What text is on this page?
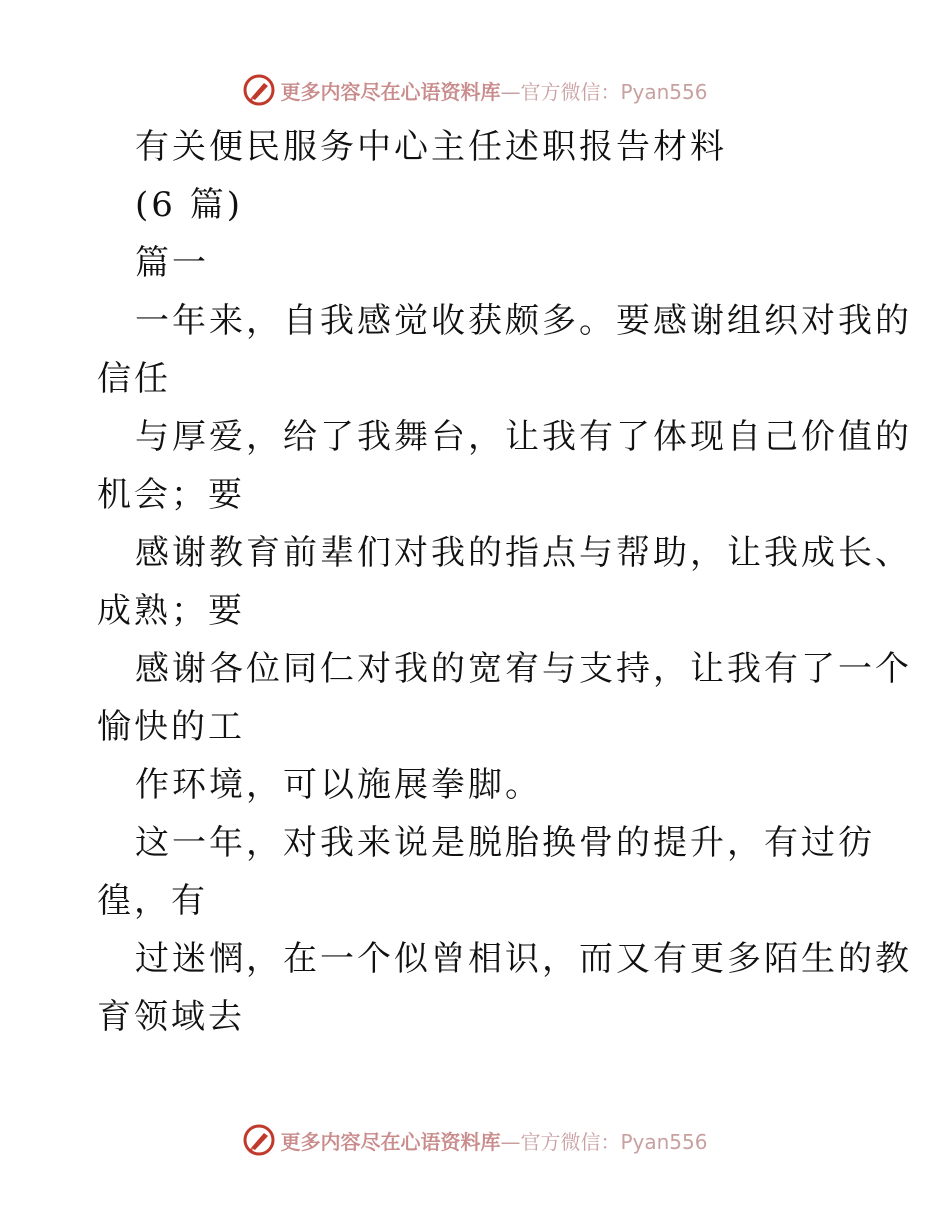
更多内容尽在心语资料库—官方微信：Pyan556
有关便民服务中心主任述职报告材料
(6 篇)
篇一
一年来，自我感觉收获颇多。要感谢组织对我的
信任
与厚爱，给了我舞台，让我有了体现自己价值的
机会；要
感谢教育前辈们对我的指点与帮助，让我成长、
成熟；要
感谢各位同仁对我的宽宥与支持，让我有了一个
愉快的工
作环境，可以施展拳脚。
这一年，对我来说是脱胎换骨的提升，有过彷
徨，有
过迷惘，在一个似曾相识，而又有更多陌生的教
育领域去
更多内容尽在心语资料库—官方微信：Pyan556
